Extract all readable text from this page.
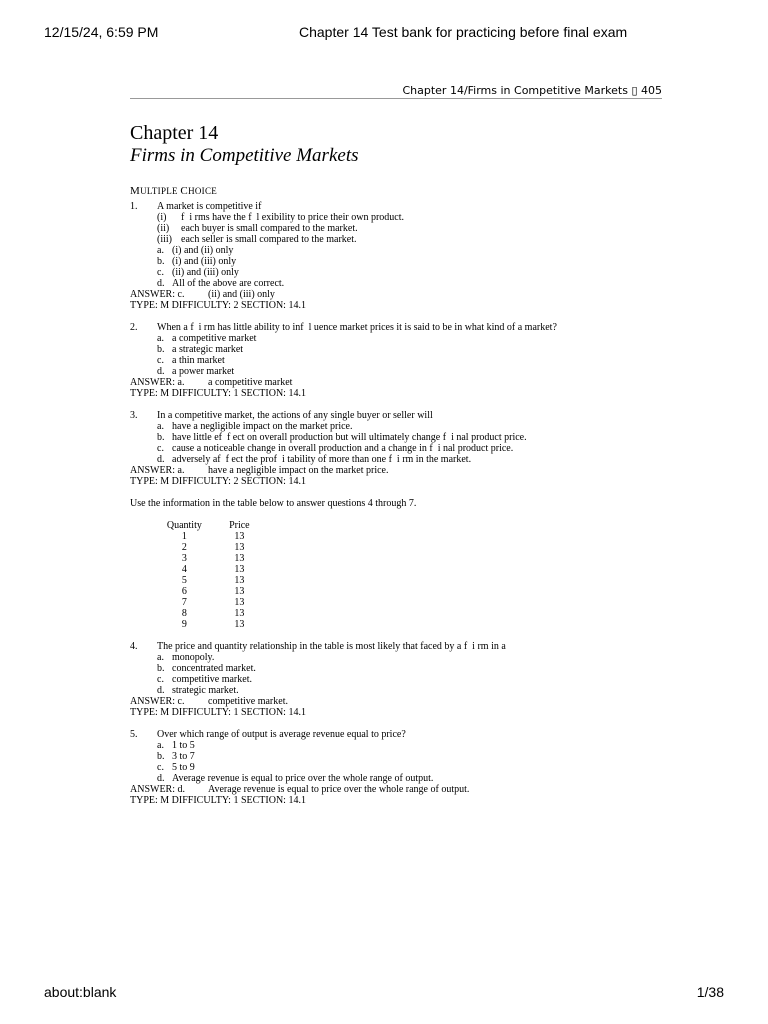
12/15/24, 6:59 PM	Chapter 14 Test bank for practicing before final exam
Chapter 14/Firms in Competitive Markets ▯ 405
Chapter 14
Firms in Competitive Markets
MULTIPLE CHOICE
1. A market is competitive if
(i) f  i rms have the f  l exibility to price their own product.
(ii) each buyer is small compared to the market.
(iii) each seller is small compared to the market.
a. (i) and (ii) only
b. (i) and (iii) only
c. (ii) and (iii) only
d. All of the above are correct.
ANSWER: c. (ii) and (iii) only
TYPE: M DIFFICULTY: 2 SECTION: 14.1
2. When a f  i rm has little ability to inf  l uence market prices it is said to be in what kind of a market?
a. a competitive market
b. a strategic market
c. a thin market
d. a power market
ANSWER: a. a competitive market
TYPE: M DIFFICULTY: 1 SECTION: 14.1
3. In a competitive market, the actions of any single buyer or seller will
a. have a negligible impact on the market price.
b. have little ef  f ect on overall production but will ultimately change f  i nal product price.
c. cause a noticeable change in overall production and a change in f  i nal product price.
d. adversely af  f ect the prof  i tability of more than one f  i rm in the market.
ANSWER: a. have a negligible impact on the market price.
TYPE: M DIFFICULTY: 2 SECTION: 14.1
Use the information in the table below to answer questions 4 through 7.
Quantity	Price
1	13
2	13
3	13
4	13
5	13
6	13
7	13
8	13
9	13
4. The price and quantity relationship in the table is most likely that faced by a f  i rm in a
a. monopoly.
b. concentrated market.
c. competitive market.
d. strategic market.
ANSWER: c. competitive market.
TYPE: M DIFFICULTY: 1 SECTION: 14.1
5. Over which range of output is average revenue equal to price?
a. 1 to 5
b. 3 to 7
c. 5 to 9
d. Average revenue is equal to price over the whole range of output.
ANSWER: d. Average revenue is equal to price over the whole range of output.
TYPE: M DIFFICULTY: 1 SECTION: 14.1
about:blank	1/38
